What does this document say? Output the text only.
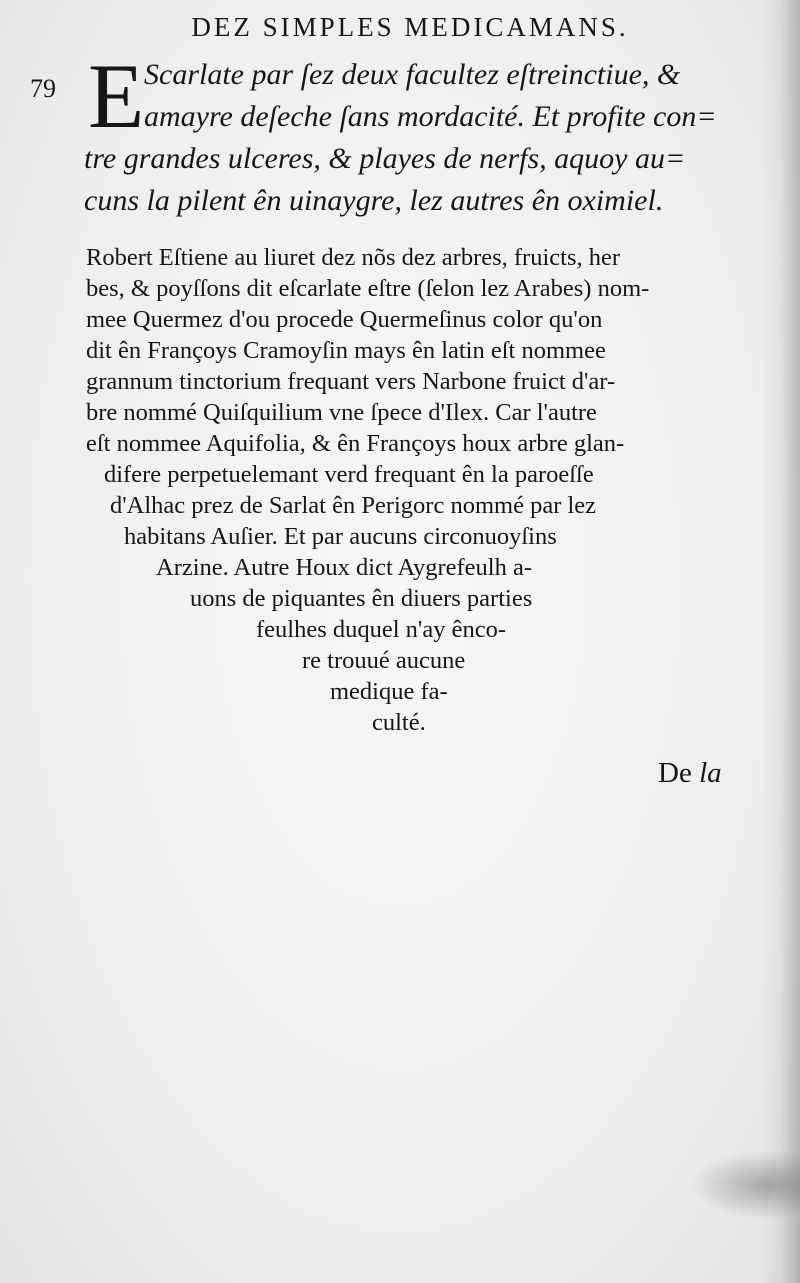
DEZ SIMPLES MEDICAMANS.
79 E Scarlate par ſez deux facultez eſtreinctiue, &
amayre deſeche ſans mordacité. Et profite con=
tre grandes ulceres, & playes de nerfs, aquoy au=
cuns la pilent ên uinaygre, lez autres ên oximiel.
Robert Eſtiene au liuret dez nõs dez arbres, fruicts, her
bes, & poyſſons dit eſcarlate eſtre (ſelon lez Arabes) nom-
mee Quermez d'ou procede Quermeſinus color qu'on
dit ên Françoys Cramoyſin mays ên latin eſt nommee
grannum tinctorium frequant vers Narbone fruict d'ar-
bre nommé Quiſquilium vne ſpece d'Ilex. Car l'autre
eſt nommee Aquifolia, & ên Françoys houx arbre glan-
difere perpetuelemant verd frequant ên la paroeſſe
d'Alhac prez de Sarlat ên Perigorc nommé par lez
habitans Auſier. Et par aucuns circonuoyſins
Arzine. Autre Houx dict Aygrefeulh a-
uons de piquantes ên diuers parties
feulhes duquel n'ay ênco-
re trouué aucune
medique fa-
culté.
De la
